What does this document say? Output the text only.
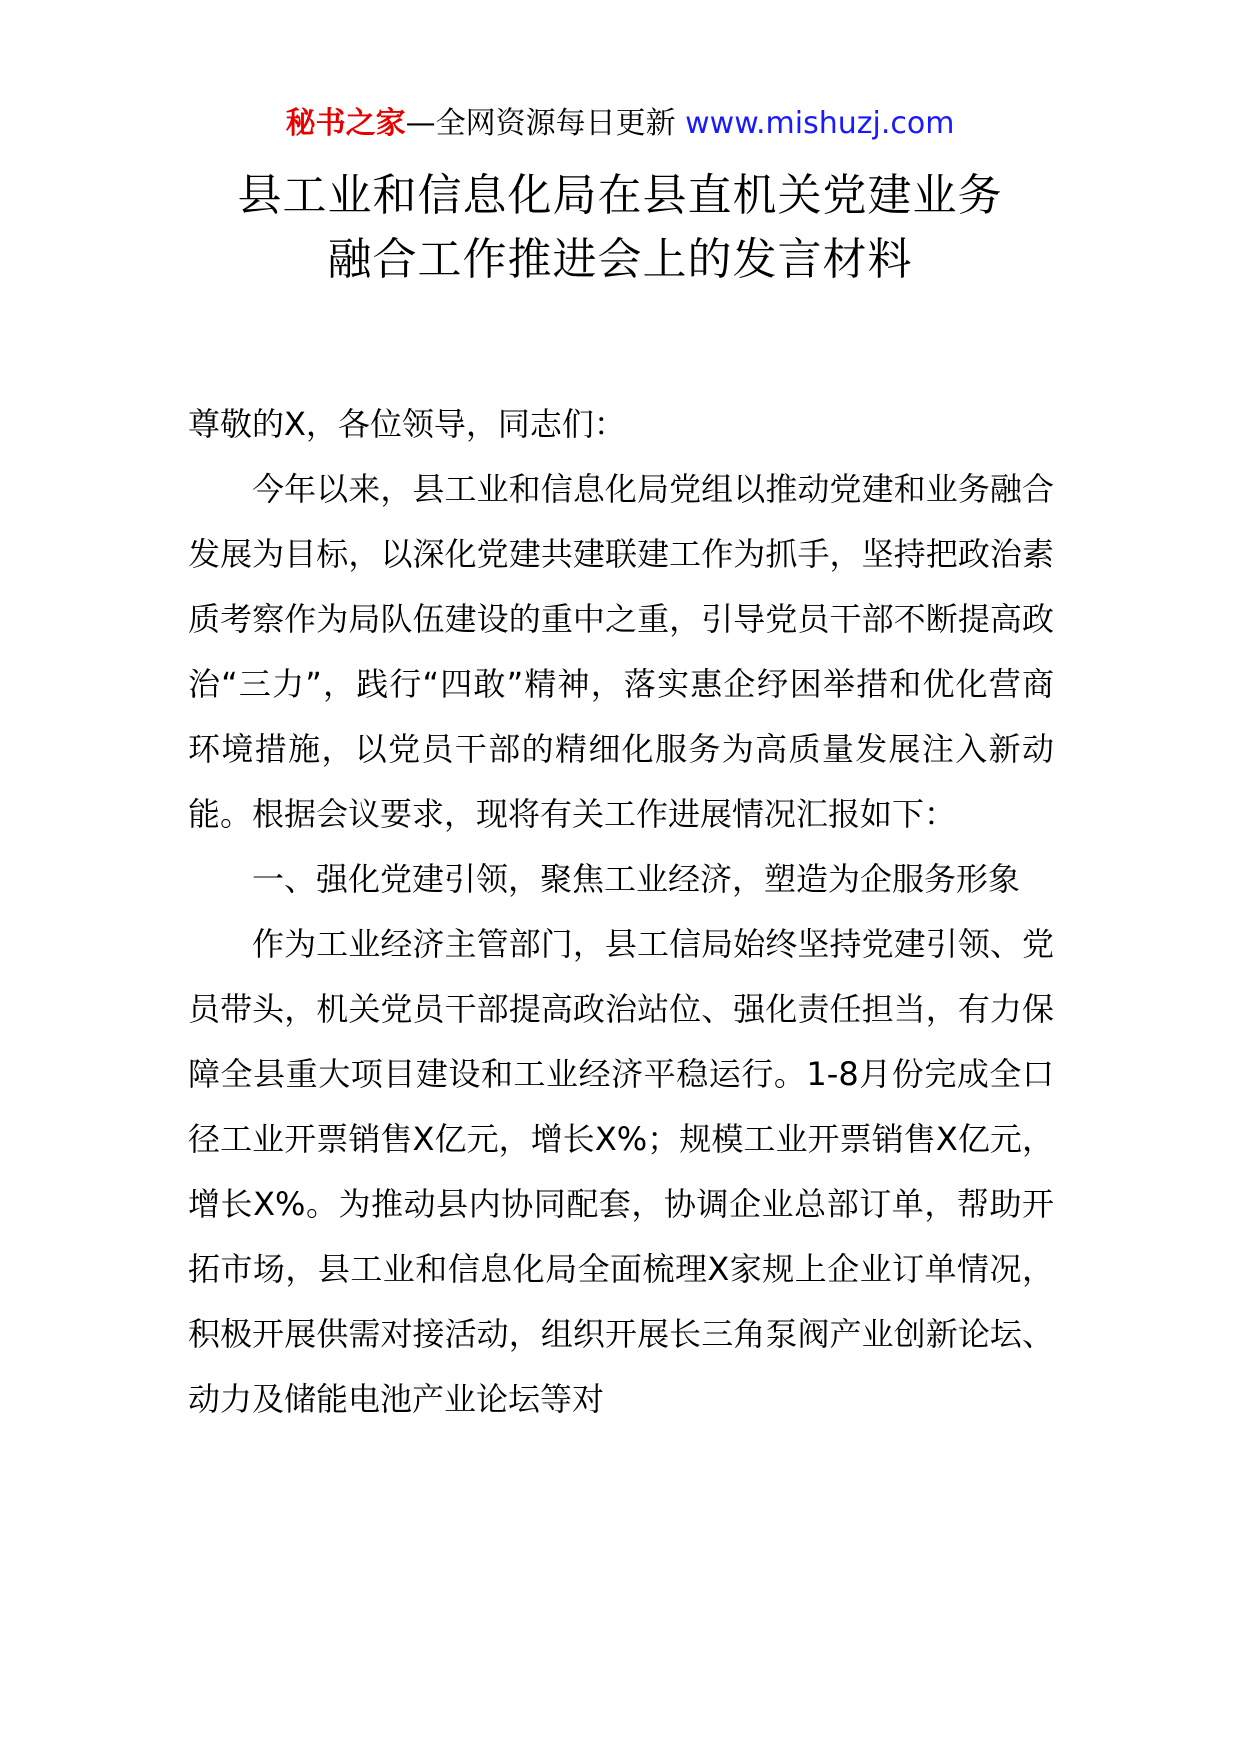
秘书之家—全网资源每日更新 www.mishuzj.com
县工业和信息化局在县直机关党建业务
融合工作推进会上的发言材料

尊敬的X，各位领导，同志们：

今年以来，县工业和信息化局党组以推动党建和业务融合发展为目标，以深化党建共建联建工作为抓手，坚持把政治素质考察作为局队伍建设的重中之重，引导党员干部不断提高政治“三力”，践行“四敢”精神，落实惠企纾困举措和优化营商环境措施，以党员干部的精细化服务为高质量发展注入新动能。根据会议要求，现将有关工作进展情况汇报如下：

一、强化党建引领，聚焦工业经济，塑造为企服务形象

作为工业经济主管部门，县工信局始终坚持党建引领、党员带头，机关党员干部提高政治站位、强化责任担当，有力保障全县重大项目建设和工业经济平稳运行。1-8月份完成全口径工业开票销售X亿元，增长X%；规模工业开票销售X亿元，增长X%。为推动县内协同配套，协调企业总部订单，帮助开拓市场，县工业和信息化局全面梳理X家规上企业订单情况，积极开展供需对接活动，组织开展长三角泵阀产业创新论坛、动力及储能电池产业论坛等对
